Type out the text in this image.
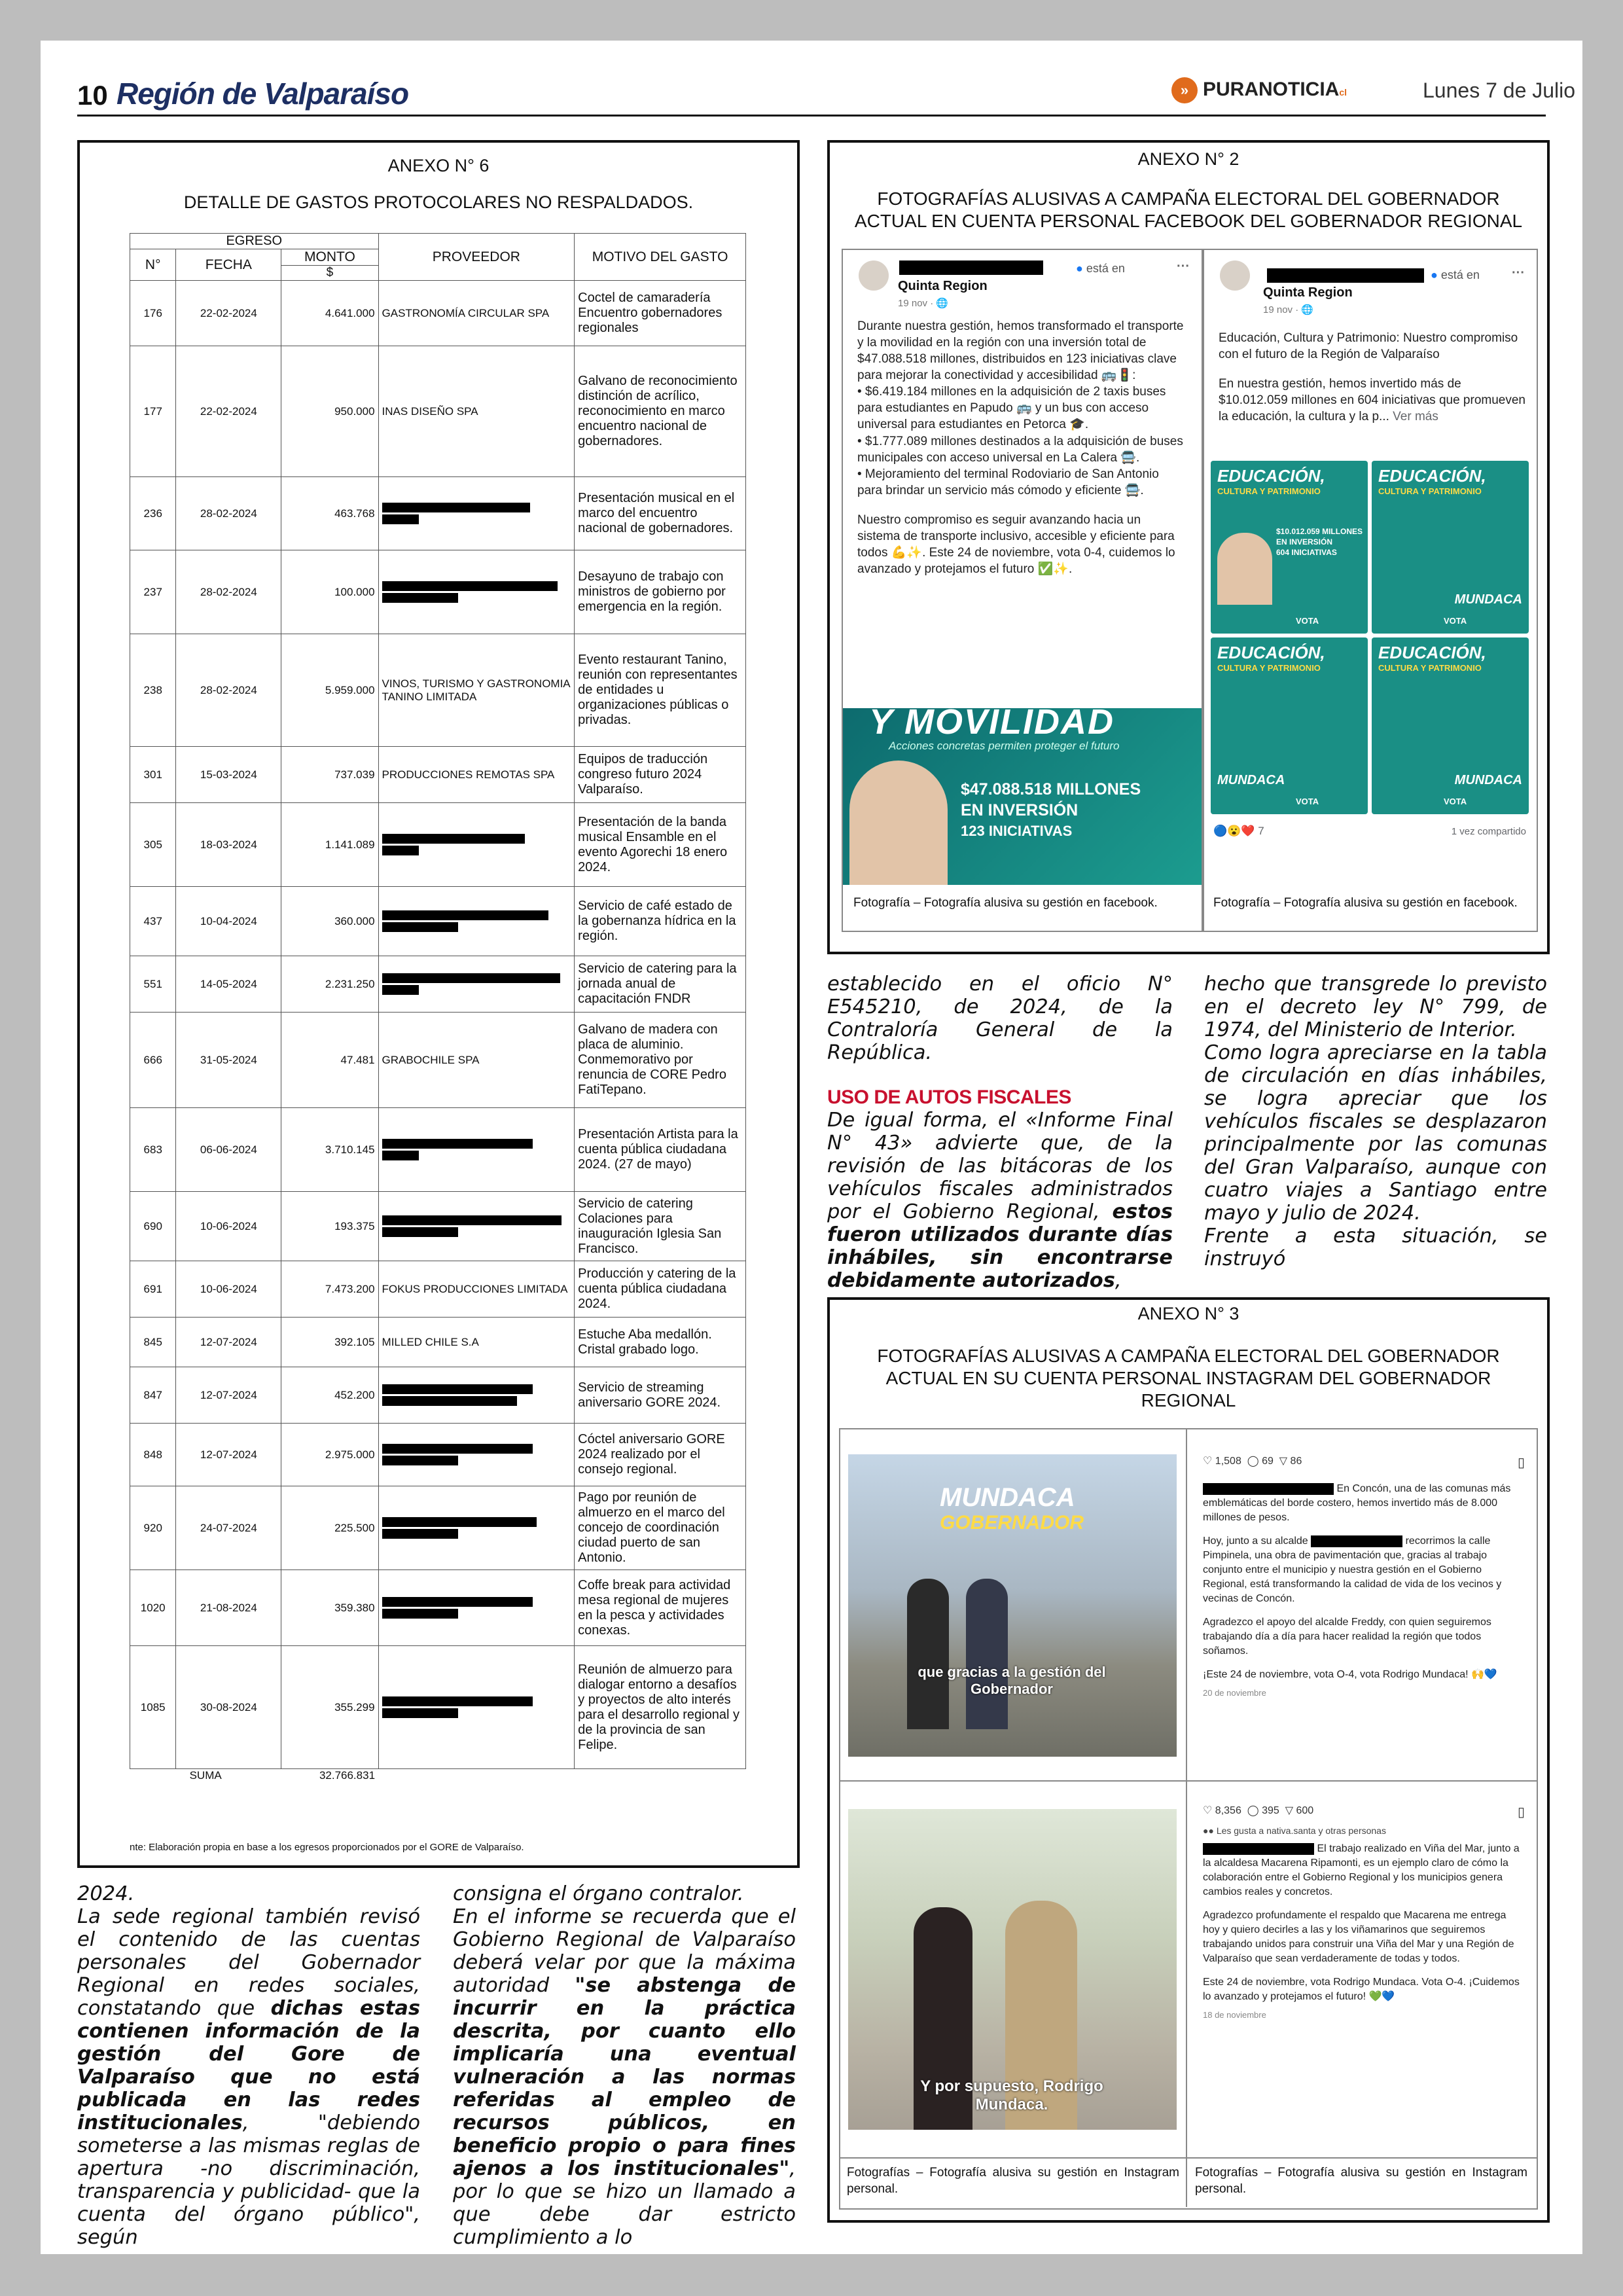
10 Región de Valparaíso	» PURANOTICIAcl	Lunes 7 de Julio
ANEXO N° 6
DETALLE DE GASTOS PROTOCOLARES NO RESPALDADOS.
EGRESO			PROVEEDOR	MOTIVO DEL GASTO
N°	FECHA	MONTO		
		$		
176	22-02-2024	4.641.000	GASTRONOMÍA CIRCULAR SPA	Coctel de camaradería Encuentro gobernadores regionales
177	22-02-2024	950.000	INAS DISEÑO SPA	Galvano de reconocimiento distinción de acrílico, reconocimiento en marco encuentro nacional de gobernadores.
236	28-02-2024	463.768		Presentación musical en el marco del encuentro nacional de gobernadores.
237	28-02-2024	100.000		Desayuno de trabajo con ministros de gobierno por emergencia en la región.
238	28-02-2024	5.959.000	VINOS, TURISMO Y GASTRONOMIA TANINO LIMITADA	Evento restaurant Tanino, reunión con representantes de entidades u organizaciones públicas o privadas.
301	15-03-2024	737.039	PRODUCCIONES REMOTAS SPA	Equipos de traducción congreso futuro 2024 Valparaíso.
305	18-03-2024	1.141.089		Presentación de la banda musical Ensamble en el evento Agorechi 18 enero 2024.
437	10-04-2024	360.000		Servicio de café estado de la gobernanza hídrica en la región.
551	14-05-2024	2.231.250		Servicio de catering para la jornada anual de capacitación FNDR
666	31-05-2024	47.481	GRABOCHILE SPA	Galvano de madera con placa de aluminio. Conmemorativo por renuncia de CORE Pedro FatiTepano.
683	06-06-2024	3.710.145		Presentación Artista para la cuenta pública ciudadana 2024. (27 de mayo)
690	10-06-2024	193.375		Servicio de catering Colaciones para inauguración Iglesia San Francisco.
691	10-06-2024	7.473.200	FOKUS PRODUCCIONES LIMITADA	Producción y catering de la cuenta pública ciudadana 2024.
845	12-07-2024	392.105	MILLED CHILE S.A	Estuche Aba medallón. Cristal grabado logo.
847	12-07-2024	452.200		Servicio de streaming aniversario GORE 2024.
848	12-07-2024	2.975.000		Cóctel aniversario GORE 2024 realizado por el consejo regional.
920	24-07-2024	225.500		Pago por reunión de almuerzo en el marco del concejo de coordinación ciudad puerto de san Antonio.
1020	21-08-2024	359.380		Coffe break para actividad mesa regional de mujeres en la pesca y actividades conexas.
1085	30-08-2024	355.299		Reunión de almuerzo para dialogar entorno a desafíos y proyectos de alto interés para el desarrollo regional y de la provincia de san Felipe.
SUMA		32.766.831		
nte: Elaboración propia en base a los egresos proporcionados por el GORE de Valparaíso.
ANEXO N° 2
FOTOGRAFÍAS ALUSIVAS A CAMPAÑA ELECTORAL DEL GOBERNADOR
ACTUAL EN CUENTA PERSONAL FACEBOOK DEL GOBERNADOR REGIONAL
● está en	···
Quinta Region
19 nov · 🌐
Durante nuestra gestión, hemos transformado el transporte y la movilidad en la región con una inversión total de $47.088.518 millones, distribuidos en 123 iniciativas clave para mejorar la conectividad y accesibilidad 🚌🚦:
• $6.419.184 millones en la adquisición de 2 taxis buses para estudiantes en Papudo 🚌 y un bus con acceso universal para estudiantes en Petorca 🎓.
• $1.777.089 millones destinados a la adquisición de buses municipales con acceso universal en La Calera 🚍.
• Mejoramiento del terminal Rodoviario de San Antonio para brindar un servicio más cómodo y eficiente 🚍.
Nuestro compromiso es seguir avanzando hacia un sistema de transporte inclusivo, accesible y eficiente para todos 💪✨. Este 24 de noviembre, vota 0-4, cuidemos lo avanzado y protejamos el futuro ✅✨.
Y MOVILIDAD
Acciones concretas permiten proteger el futuro
$47.088.518 MILLONES
EN INVERSIÓN
123 INICIATIVAS
Fotografía – Fotografía alusiva su gestión en facebook.
● está en ···
Quinta Region
19 nov · 🌐
Educación, Cultura y Patrimonio: Nuestro compromiso con el futuro de la Región de Valparaíso
En nuestra gestión, hemos invertido más de $10.012.059 millones en 604 iniciativas que promueven la educación, la cultura y la p... Ver más
EDUCACIÓN,
CULTURA Y PATRIMONIO
$10.012.059 MILLONES
EN INVERSIÓN
604 INICIATIVAS
VOTA
EDUCACIÓN,
CULTURA Y PATRIMONIO
MUNDACA
VOTA
EDUCACIÓN,
CULTURA Y PATRIMONIO
MUNDACA
VOTA
EDUCACIÓN,
CULTURA Y PATRIMONIO
MUNDACA
VOTA
🔵😮❤️ 7	1 vez compartido
Fotografía – Fotografía alusiva su gestión en facebook.
establecido en el oficio N° E545210, de 2024, de la Contraloría General de la República.
USO DE AUTOS FISCALES
De igual forma, el «Informe Final N° 43» advierte que, de la revisión de las bitácoras de los vehículos fiscales administrados por el Gobierno Regional, estos fueron utilizados durante días inhábiles, sin encontrarse debidamente autorizados,
hecho que transgrede lo previsto en el decreto ley N° 799, de 1974, del Ministerio de Interior.
Como logra apreciarse en la tabla de circulación en días inhábiles, se logra apreciar que los vehículos fiscales se desplazaron principalmente por las comunas del Gran Valparaíso, aunque con cuatro viajes a Santiago entre mayo y julio de 2024.
Frente a esta situación, se instruyó
ANEXO N° 3
FOTOGRAFÍAS ALUSIVAS A CAMPAÑA ELECTORAL DEL GOBERNADOR
ACTUAL EN SU CUENTA PERSONAL INSTAGRAM DEL GOBERNADOR
REGIONAL
MUNDACA
GOBERNADOR
que gracias a la gestión del Gobernador
♡ 1,508 ◯ 69 ▽ 86	▯
En Concón, una de las comunas más emblemáticas del borde costero, hemos invertido más de 8.000 millones de pesos.
Hoy, junto a su alcalde	recorrimos la calle Pimpinela, una obra de pavimentación que, gracias al trabajo conjunto entre el municipio y nuestra gestión en el Gobierno Regional, está transformando la calidad de vida de los vecinos y vecinas de Concón.
Agradezco el apoyo del alcalde Freddy, con quien seguiremos trabajando día a día para hacer realidad la región que todos soñamos.
¡Este 24 de noviembre, vota O-4, vota Rodrigo Mundaca! 🙌💙
20 de noviembre
Y por supuesto, Rodrigo Mundaca.
♡ 8,356 ◯ 395 ▽ 600	▯
●● Les gusta a nativa.santa y otras personas
El trabajo realizado en Viña del Mar, junto a la alcaldesa Macarena Ripamonti, es un ejemplo claro de cómo la colaboración entre el Gobierno Regional y los municipios genera cambios reales y concretos.
Agradezco profundamente el respaldo que Macarena me entrega hoy y quiero decirles a las y los viñamarinos que seguiremos trabajando unidos para construir una Viña del Mar y una Región de Valparaíso que sean verdaderamente de todas y todos.
Este 24 de noviembre, vota Rodrigo Mundaca. Vota O-4. ¡Cuidemos lo avanzado y protejamos el futuro! 💚💙
18 de noviembre
Fotografías – Fotografía alusiva su gestión en Instagram personal.
Fotografías – Fotografía alusiva su gestión en Instagram personal.
2024.
La sede regional también revisó el contenido de las cuentas personales del Gobernador Regional en redes sociales, constatando que dichas estas contienen información de la gestión del Gore de Valparaíso que no está publicada en las redes institucionales, "debiendo someterse a las mismas reglas de apertura -no discriminación, transparencia y publicidad- que la cuenta del órgano público", según
consigna el órgano contralor.
En el informe se recuerda que el Gobierno Regional de Valparaíso deberá velar por que la máxima autoridad "se abstenga de incurrir en la práctica descrita, por cuanto ello implicaría una eventual vulneración a las normas referidas al empleo de recursos públicos, en beneficio propio o para fines ajenos a los institucionales", por lo que se hizo un llamado a que debe dar estricto cumplimiento a lo
